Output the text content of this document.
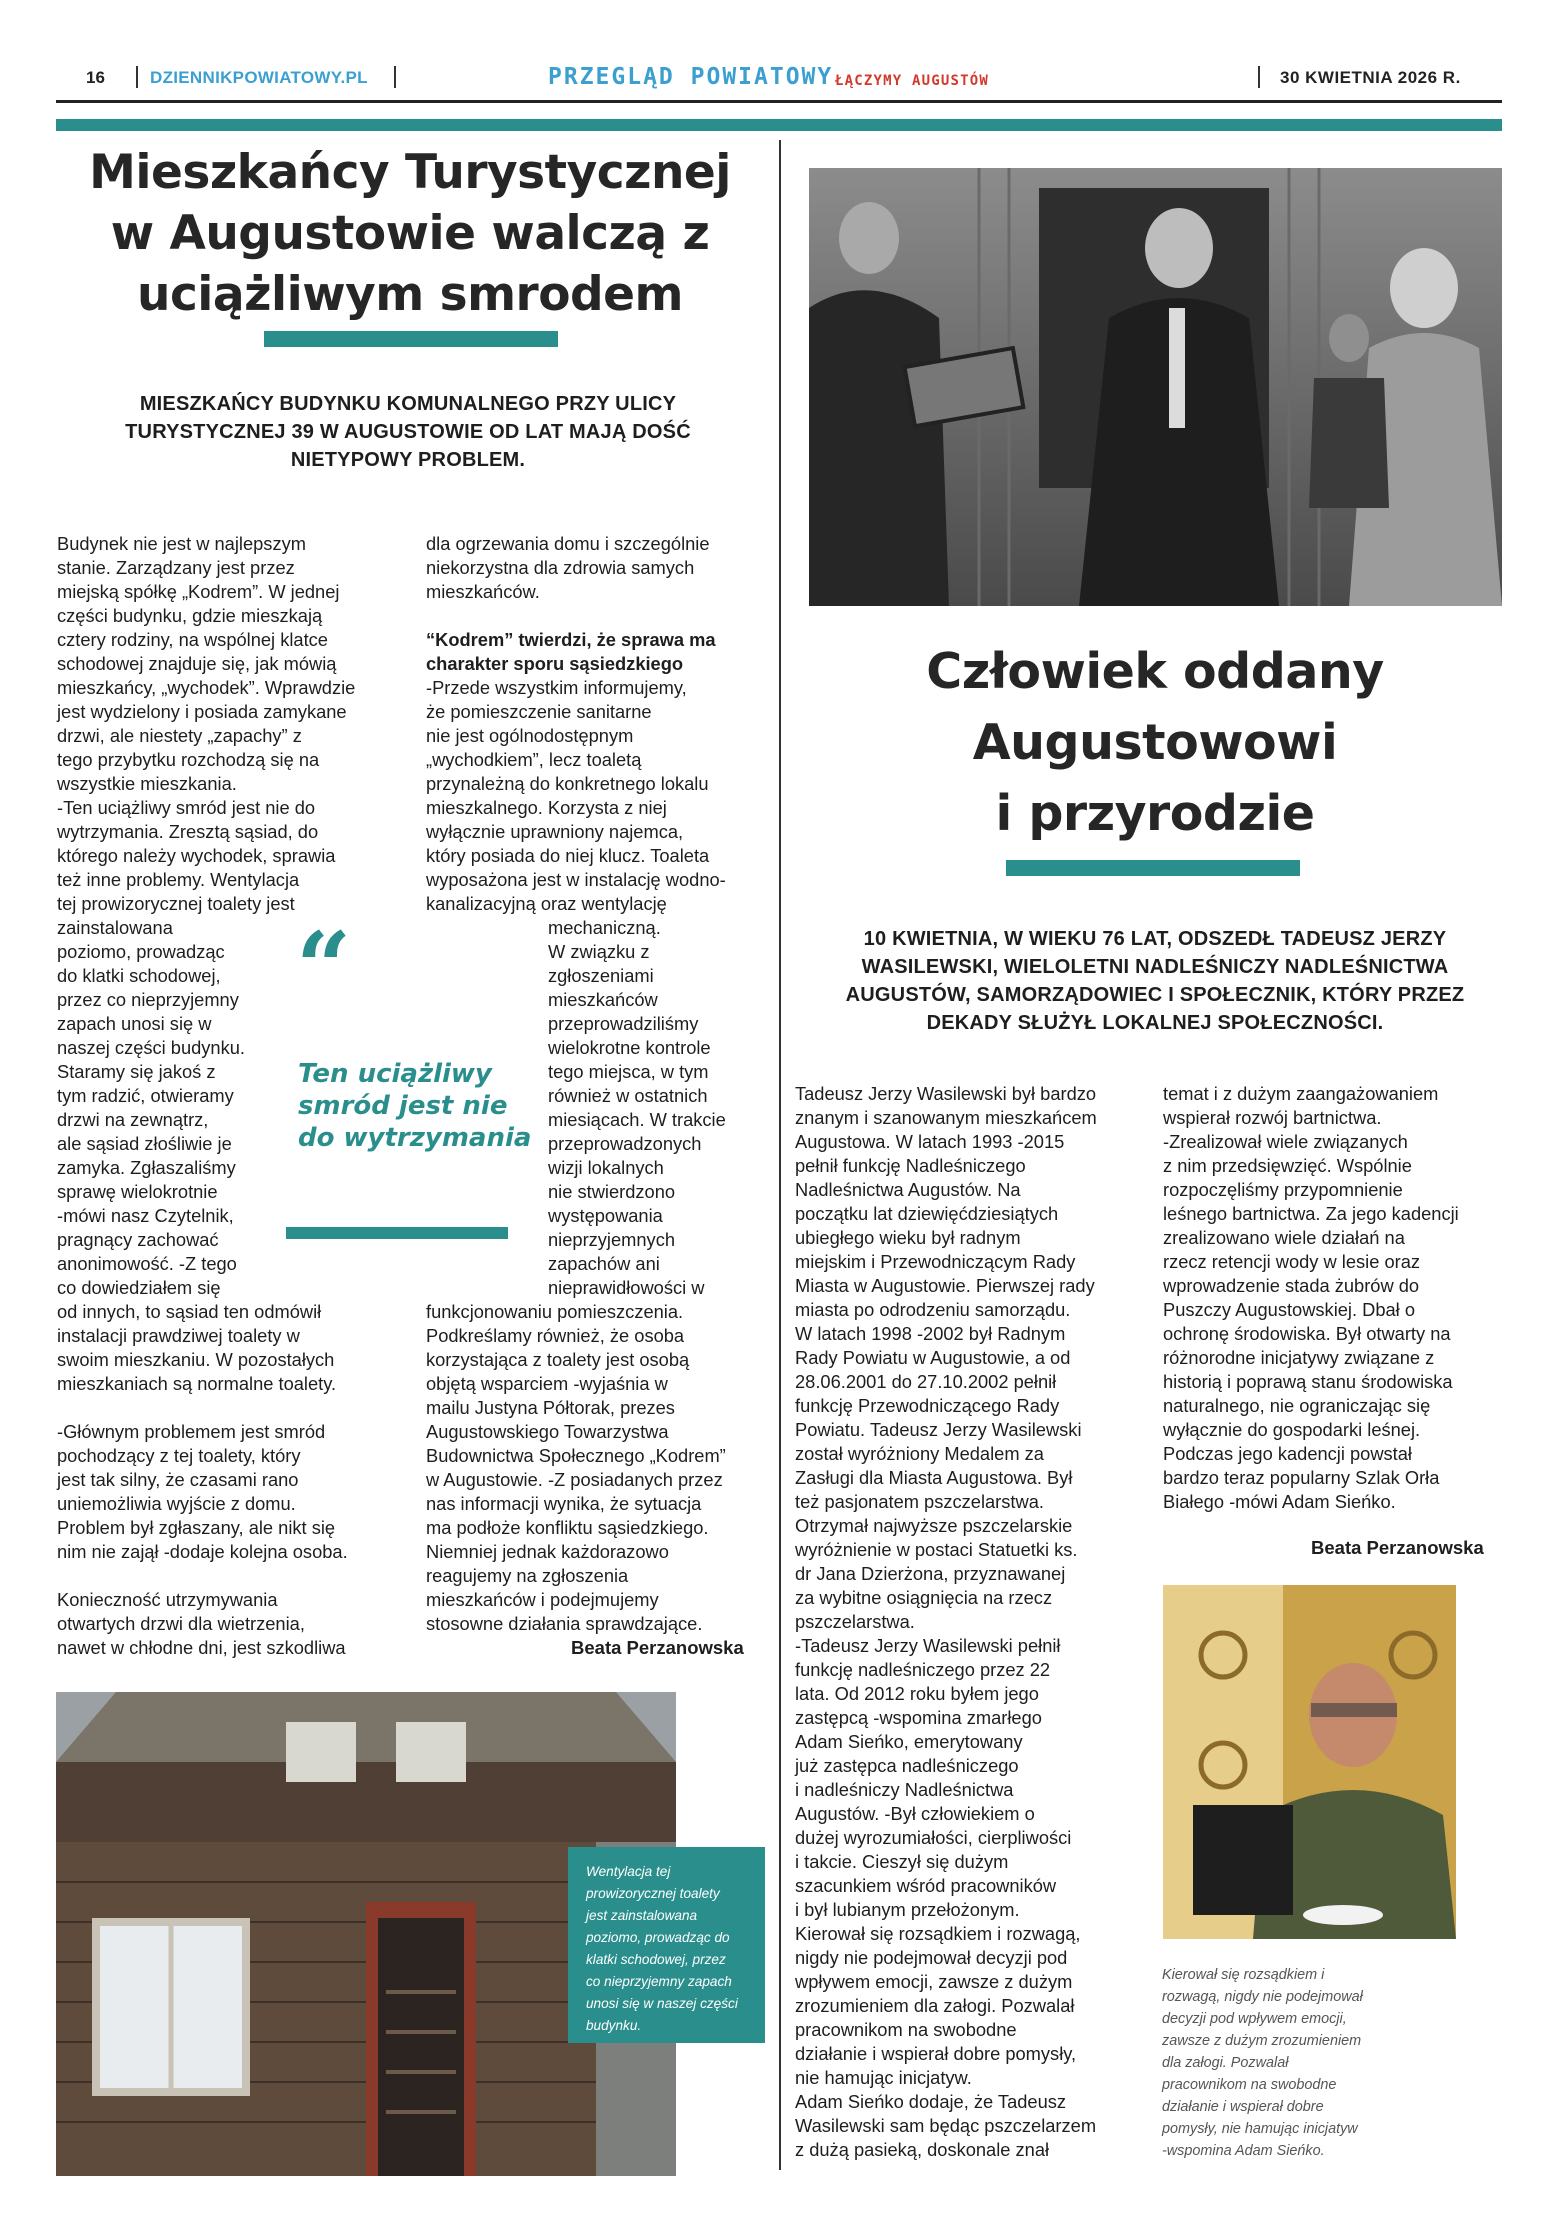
16	DZIENNIKPOWIATOWY.PL	PRZEGLĄD POWIATOWY ŁĄCZYMY AUGUSTÓW	30 KWIETNIA 2026 R.
Mieszkańcy Turystycznej
w Augustowie walczą z
uciążliwym smrodem
MIESZKAŃCY BUDYNKU KOMUNALNEGO PRZY ULICY TURYSTYCZNEJ 39 W AUGUSTOWIE OD LAT MAJĄ DOŚĆ NIETYPOWY PROBLEM.
Budynek nie jest w najlepszym
stanie. Zarządzany jest przez
miejską spółkę „Kodrem”. W jednej
części budynku, gdzie mieszkają
cztery rodziny, na wspólnej klatce
schodowej znajduje się, jak mówią
mieszkańcy, „wychodek”. Wprawdzie
jest wydzielony i posiada zamykane
drzwi, ale niestety „zapachy” z
tego przybytku rozchodzą się na
wszystkie mieszkania.
-Ten uciążliwy smród jest nie do
wytrzymania. Zresztą sąsiad, do
którego należy wychodek, sprawia
też inne problemy. Wentylacja
tej prowizorycznej toalety jest
zainstalowana
poziomo, prowadząc
do klatki schodowej,
przez co nieprzyjemny
zapach unosi się w
naszej części budynku.
Staramy się jakoś z
tym radzić, otwieramy
drzwi na zewnątrz,
ale sąsiad złośliwie je
zamyka. Zgłaszaliśmy
sprawę wielokrotnie
-mówi nasz Czytelnik,
pragnący zachować
anonimowość. -Z tego
co dowiedziałem się
od innych, to sąsiad ten odmówił
instalacji prawdziwej toalety w
swoim mieszkaniu. W pozostałych
mieszkaniach są normalne toalety.

-Głównym problemem jest smród
pochodzący z tej toalety, który
jest tak silny, że czasami rano
uniemożliwia wyjście z domu.
Problem był zgłaszany, ale nikt się
nim nie zajął -dodaje kolejna osoba.

Konieczność utrzymywania
otwartych drzwi dla wietrzenia,
nawet w chłodne dni, jest szkodliwa
dla ogrzewania domu i szczególnie
niekorzystna dla zdrowia samych
mieszkańców.
“Kodrem” twierdzi, że sprawa ma
charakter sporu sąsiedzkiego
-Przede wszystkim informujemy,
że pomieszczenie sanitarne
nie jest ogólnodostępnym
„wychodkiem”, lecz toaletą
przynależną do konkretnego lokalu
mieszkalnego. Korzysta z niej
wyłącznie uprawniony najemca,
który posiada do niej klucz. Toaleta
wyposażona jest w instalację wodno-
kanalizacyjną oraz wentylację
mechaniczną.
W związku z
zgłoszeniami
mieszkańców
przeprowadziliśmy
wielokrotne kontrole
tego miejsca, w tym
również w ostatnich
miesiącach. W trakcie
przeprowadzonych
wizji lokalnych
nie stwierdzono
występowania
nieprzyjemnych
zapachów ani
nieprawidłowości w
funkcjonowaniu pomieszczenia.
Podkreślamy również, że osoba
korzystająca z toalety jest osobą
objętą wsparciem -wyjaśnia w
mailu Justyna Półtorak, prezes
Augustowskiego Towarzystwa
Budownictwa Społecznego „Kodrem”
w Augustowie. -Z posiadanych przez
nas informacji wynika, że sytuacja
ma podłoże konfliktu sąsiedzkiego.
Niemniej jednak każdorazowo
reagujemy na zgłoszenia
mieszkańców i podejmujemy
stosowne działania sprawdzające.
Beata Perzanowska
“
Ten uciążliwy smród jest nie do wytrzymania
Wentylacja tej
prowizorycznej toalety
jest zainstalowana
poziomo, prowadząc do
klatki schodowej, przez
co nieprzyjemny zapach
unosi się w naszej części
budynku.
Człowiek oddany
Augustowowi
i przyrodzie
10 KWIETNIA, W WIEKU 76 LAT, ODSZEDŁ TADEUSZ JERZY WASILEWSKI, WIELOLETNI NADLEŚNICZY NADLEŚNICTWA AUGUSTÓW, SAMORZĄDOWIEC I SPOŁECZNIK, KTÓRY PRZEZ DEKADY SŁUŻYŁ LOKALNEJ SPOŁECZNOŚCI.
Tadeusz Jerzy Wasilewski był bardzo
znanym i szanowanym mieszkańcem
Augustowa. W latach 1993 -2015
pełnił funkcję Nadleśniczego
Nadleśnictwa Augustów. Na
początku lat dziewięćdziesiątych
ubiegłego wieku był radnym
miejskim i Przewodniczącym Rady
Miasta w Augustowie. Pierwszej rady
miasta po odrodzeniu samorządu.
W latach 1998 -2002 był Radnym
Rady Powiatu w Augustowie, a od
28.06.2001 do 27.10.2002 pełnił
funkcję Przewodniczącego Rady
Powiatu. Tadeusz Jerzy Wasilewski
został wyróżniony Medalem za
Zasługi dla Miasta Augustowa. Był
też pasjonatem pszczelarstwa.
Otrzymał najwyższe pszczelarskie
wyróżnienie w postaci Statuetki ks.
dr Jana Dzierżona, przyznawanej
za wybitne osiągnięcia na rzecz
pszczelarstwa.
-Tadeusz Jerzy Wasilewski pełnił
funkcję nadleśniczego przez 22
lata. Od 2012 roku byłem jego
zastępcą -wspomina zmarłego
Adam Sieńko, emerytowany
już zastępca nadleśniczego
i nadleśniczy Nadleśnictwa
Augustów. -Był człowiekiem o
dużej wyrozumiałości, cierpliwości
i takcie. Cieszył się dużym
szacunkiem wśród pracowników
i był lubianym przełożonym.
Kierował się rozsądkiem i rozwagą,
nigdy nie podejmował decyzji pod
wpływem emocji, zawsze z dużym
zrozumieniem dla załogi. Pozwalał
pracownikom na swobodne
działanie i wspierał dobre pomysły,
nie hamując inicjatyw.
Adam Sieńko dodaje, że Tadeusz
Wasilewski sam będąc pszczelarzem
z dużą pasieką, doskonale znał
temat i z dużym zaangażowaniem
wspierał rozwój bartnictwa.
-Zrealizował wiele związanych
z nim przedsięwzięć. Wspólnie
rozpoczęliśmy przypomnienie
leśnego bartnictwa. Za jego kadencji
zrealizowano wiele działań na
rzecz retencji wody w lesie oraz
wprowadzenie stada żubrów do
Puszczy Augustowskiej. Dbał o
ochronę środowiska. Był otwarty na
różnorodne inicjatywy związane z
historią i poprawą stanu środowiska
naturalnego, nie ograniczając się
wyłącznie do gospodarki leśnej.
Podczas jego kadencji powstał
bardzo teraz popularny Szlak Orła
Białego -mówi Adam Sieńko.
Beata Perzanowska
Kierował się rozsądkiem i
rozwagą, nigdy nie podejmował
decyzji pod wpływem emocji,
zawsze z dużym zrozumieniem
dla załogi. Pozwalał
pracownikom na swobodne
działanie i wspierał dobre
pomysły, nie hamując inicjatyw
-wspomina Adam Sieńko.
